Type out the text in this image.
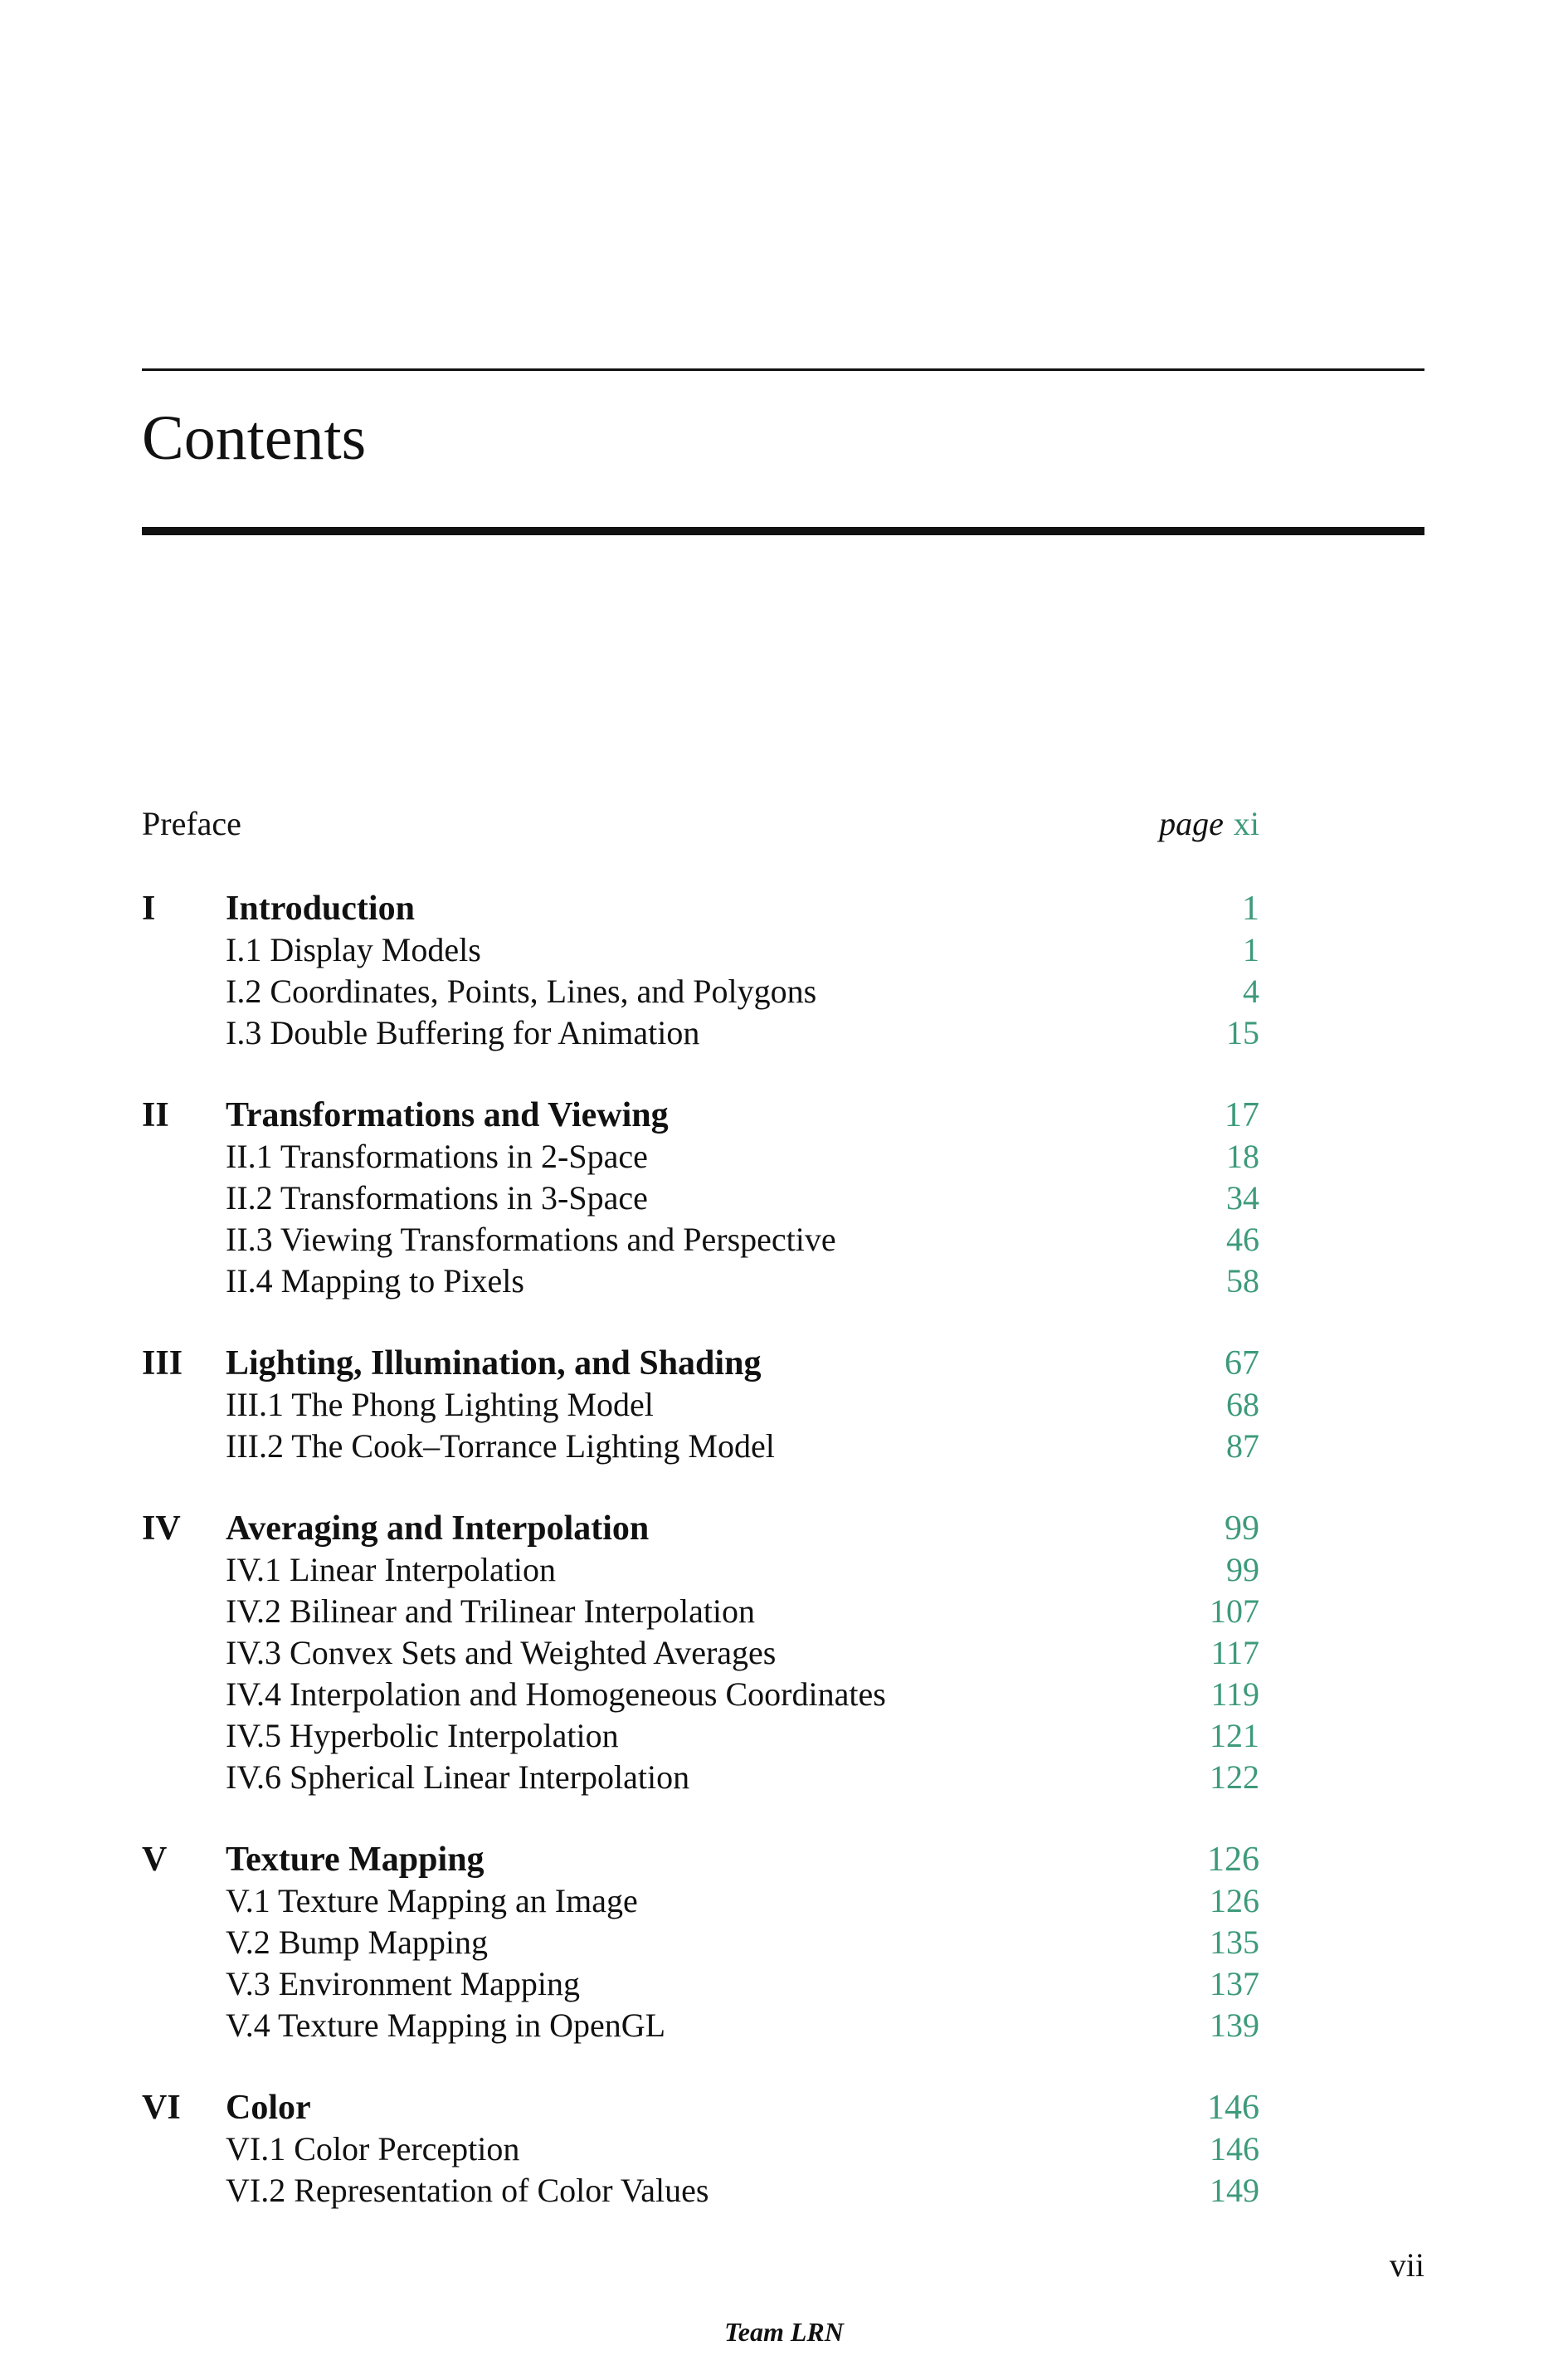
Contents
Preface	page xi
I Introduction	1
I.1 Display Models	1
I.2 Coordinates, Points, Lines, and Polygons	4
I.3 Double Buffering for Animation	15
II Transformations and Viewing	17
II.1 Transformations in 2-Space	18
II.2 Transformations in 3-Space	34
II.3 Viewing Transformations and Perspective	46
II.4 Mapping to Pixels	58
III Lighting, Illumination, and Shading	67
III.1 The Phong Lighting Model	68
III.2 The Cook–Torrance Lighting Model	87
IV Averaging and Interpolation	99
IV.1 Linear Interpolation	99
IV.2 Bilinear and Trilinear Interpolation	107
IV.3 Convex Sets and Weighted Averages	117
IV.4 Interpolation and Homogeneous Coordinates	119
IV.5 Hyperbolic Interpolation	121
IV.6 Spherical Linear Interpolation	122
V Texture Mapping	126
V.1 Texture Mapping an Image	126
V.2 Bump Mapping	135
V.3 Environment Mapping	137
V.4 Texture Mapping in OpenGL	139
VI Color	146
VI.1 Color Perception	146
VI.2 Representation of Color Values	149
vii
Team LRN
